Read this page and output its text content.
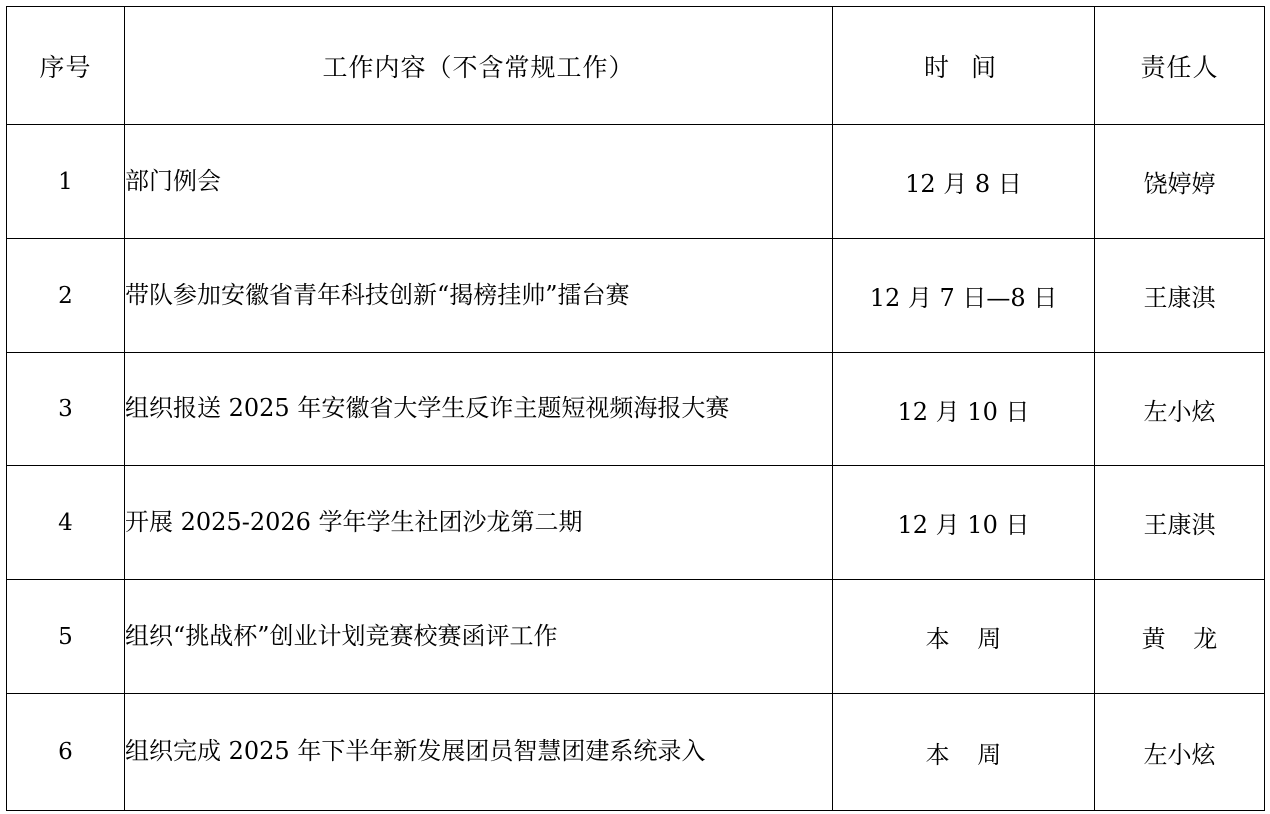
序号	工作内容（不含常规工作）	时 间	责任人
1	部门例会	12 月 8 日	饶婷婷
2	带队参加安徽省青年科技创新“揭榜挂帅”擂台赛	12 月 7 日—8 日	王康淇
3	组织报送 2025 年安徽省大学生反诈主题短视频海报大赛	12 月 10 日	左小炫
4	开展 2025-2026 学年学生社团沙龙第二期	12 月 10 日	王康淇
5	组织“挑战杯”创业计划竞赛校赛函评工作	本 周	黄 龙
6	组织完成 2025 年下半年新发展团员智慧团建系统录入	本 周	左小炫
